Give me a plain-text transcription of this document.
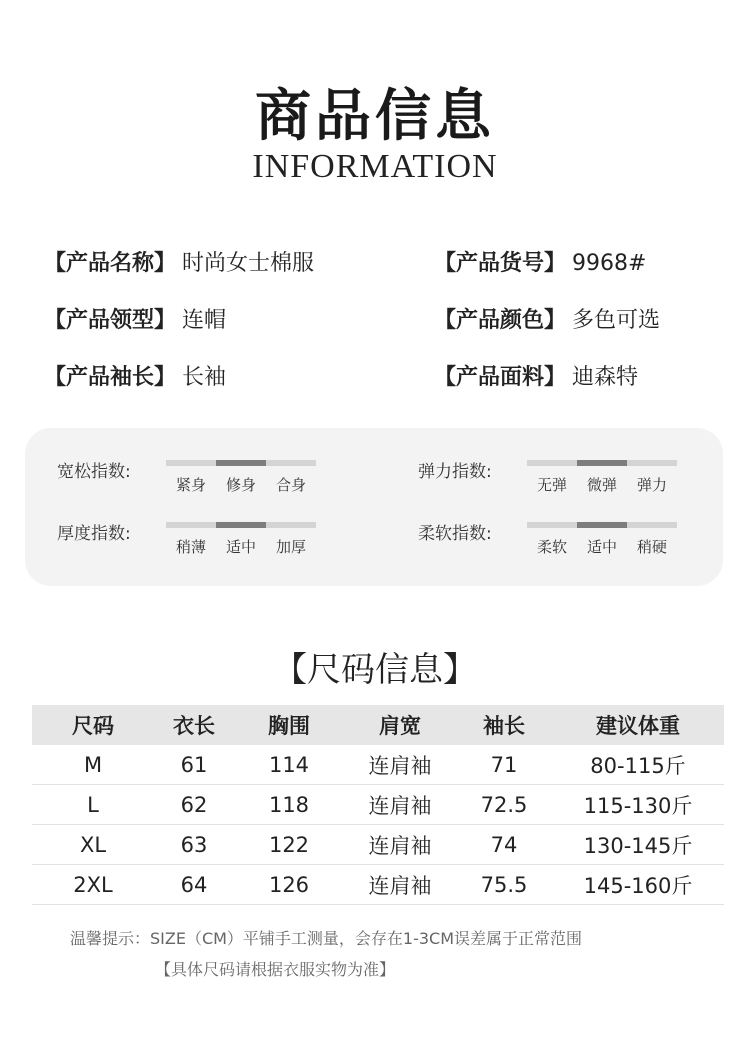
商品信息
INFORMATION
【产品名称】 时尚女士棉服	【产品货号】 9968#
【产品领型】 连帽	【产品颜色】 多色可选
【产品袖长】 长袖	【产品面料】 迪森特
宽松指数:
紧身	修身	合身
弹力指数:
无弹	微弹	弹力
厚度指数:
稍薄	适中	加厚
柔软指数:
柔软	适中	稍硬
【尺码信息】
尺码	衣长	胸围	肩宽	袖长	建议体重
M	61	114	连肩袖	71	80-115斤
L	62	118	连肩袖	72.5	115-130斤
XL	63	122	连肩袖	74	130-145斤
2XL	64	126	连肩袖	75.5	145-160斤
温馨提示：SIZE（CM）平铺手工测量，会存在1-3CM误差属于正常范围
【具体尺码请根据衣服实物为准】
